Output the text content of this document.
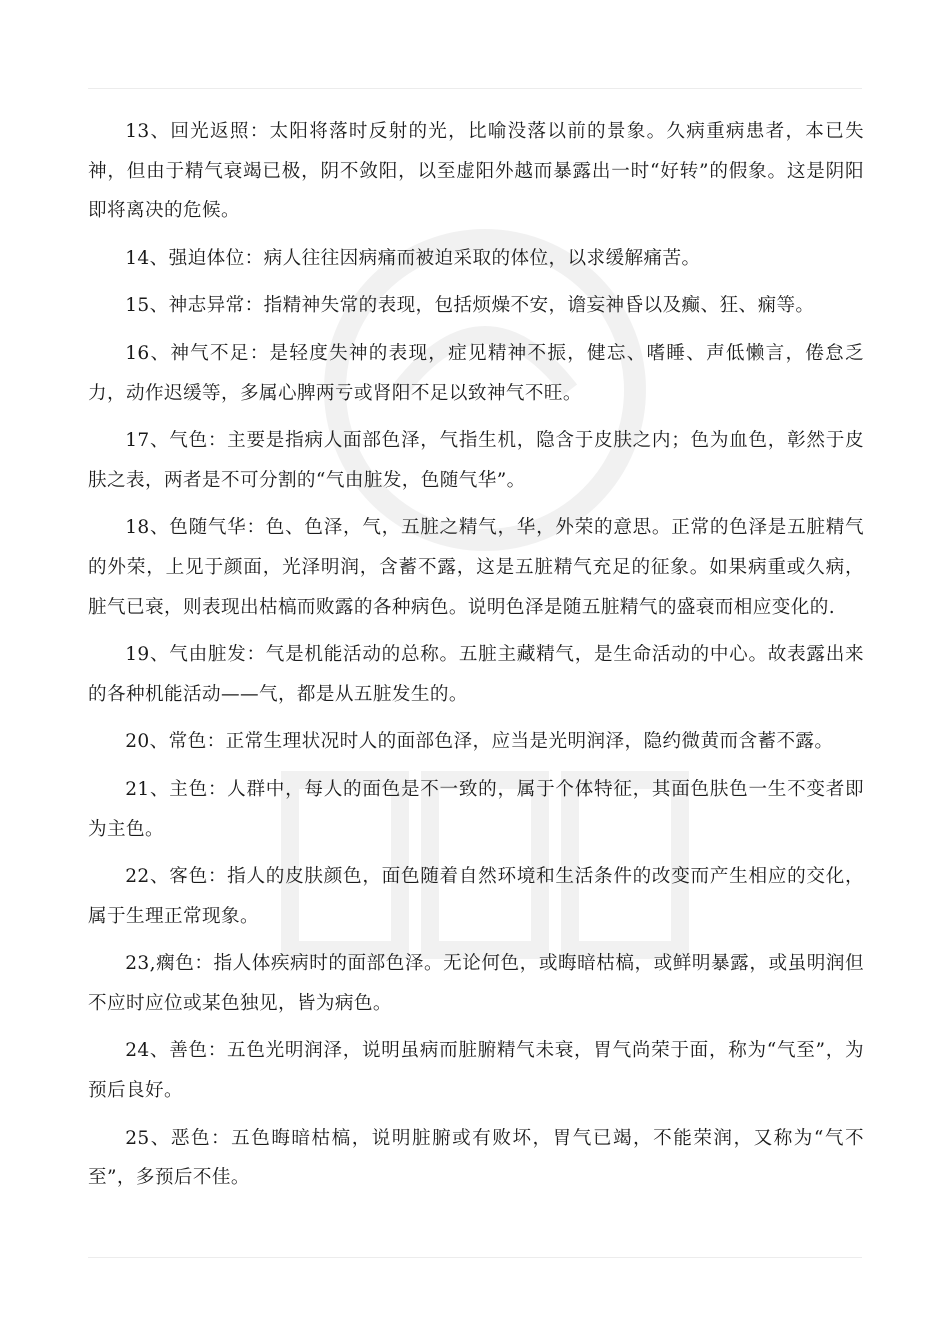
13、回光返照：太阳将落时反射的光，比喻没落以前的景象。久病重病患者，本已失神，但由于精气衰竭已极，阴不敛阳，以至虚阳外越而暴露出一时“好转”的假象。这是阴阳即将离决的危候。

14、强迫体位：病人往往因病痛而被迫采取的体位，以求缓解痛苦。

15、神志异常：指精神失常的表现，包括烦燥不安，谵妄神昏以及癫、狂、痫等。

16、神气不足：是轻度失神的表现，症见精神不振，健忘、嗜睡、声低懒言，倦怠乏力，动作迟缓等，多属心脾两亏或肾阳不足以致神气不旺。

17、气色：主要是指病人面部色泽，气指生机，隐含于皮肤之内；色为血色，彰然于皮肤之表，两者是不可分割的“气由脏发，色随气华”。

18、色随气华：色、色泽，气，五脏之精气，华，外荣的意思。正常的色泽是五脏精气的外荣，上见于颜面，光泽明润，含蓄不露，这是五脏精气充足的征象。如果病重或久病，脏气已衰，则表现出枯槁而败露的各种病色。说明色泽是随五脏精气的盛衰而相应变化的.

19、气由脏发：气是机能活动的总称。五脏主藏精气，是生命活动的中心。故表露出来的各种机能活动——气，都是从五脏发生的。

20、常色：正常生理状况时人的面部色泽，应当是光明润泽，隐约微黄而含蓄不露。

21、主色：人群中，每人的面色是不一致的，属于个体特征，其面色肤色一生不变者即为主色。

22、客色：指人的皮肤颜色，面色随着自然环境和生活条件的改变而产生相应的交化，属于生理正常现象。

23,瘸色：指人体疾病时的面部色泽。无论何色，或晦暗枯槁，或鲜明暴露，或虽明润但不应时应位或某色独见，皆为病色。

24、善色：五色光明润泽，说明虽病而脏腑精气未衰，胃气尚荣于面，称为“气至”，为预后良好。

25、恶色：五色晦暗枯槁，说明脏腑或有败坏，胃气已竭，不能荣润，又称为“气不至”，多预后不佳。
